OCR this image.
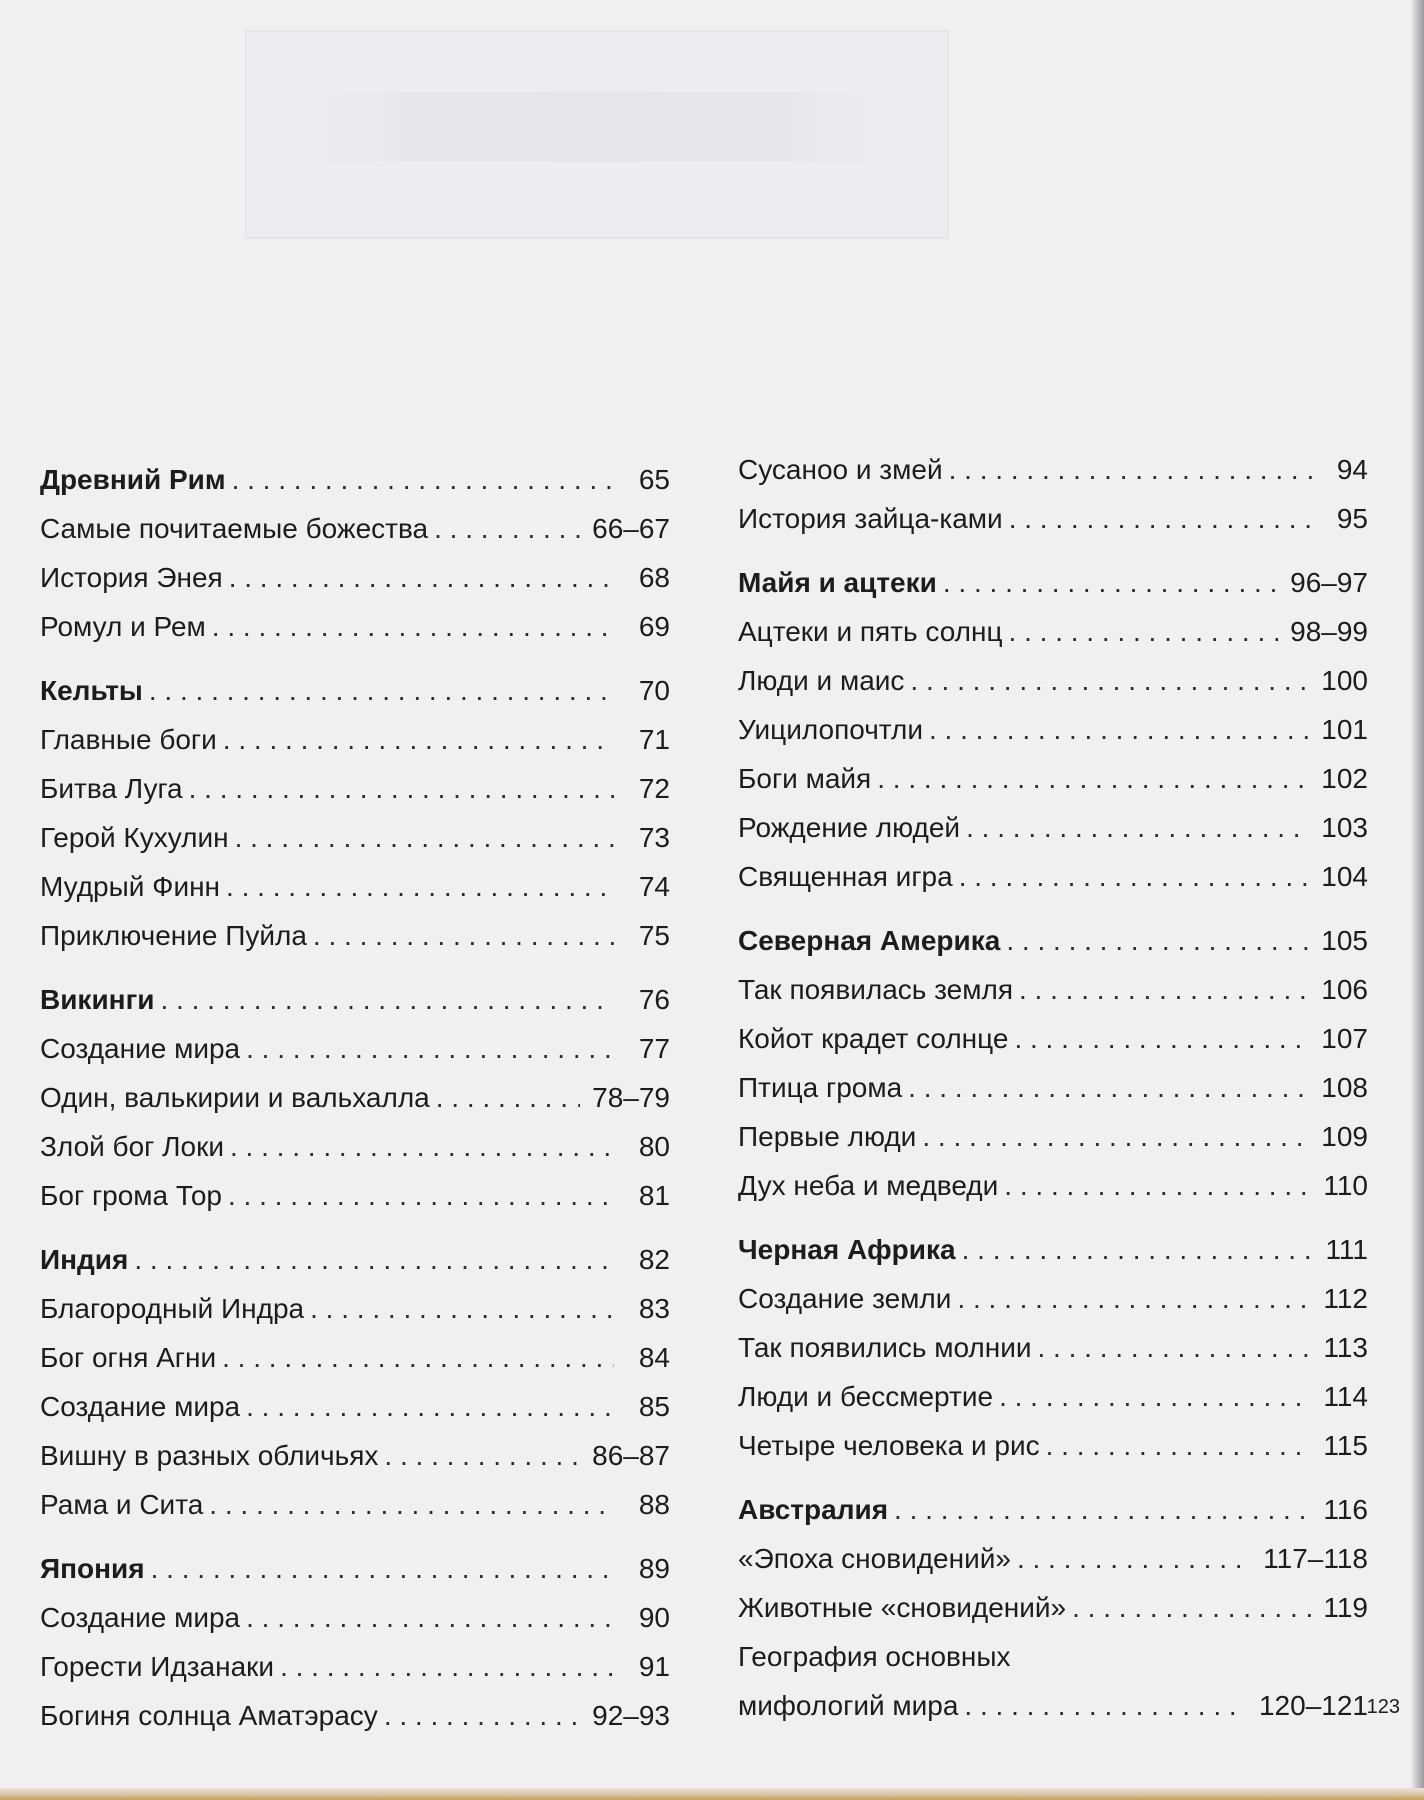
Древний Рим . . .	65
Самые почитаемые божества . . .	66–67
История Энея . . .	68
Ромул и Рем . . .	69
Кельты . . .	70
Главные боги . . .	71
Битва Луга . . .	72
Герой Кухулин . . .	73
Мудрый Финн . . .	74
Приключение Пуйла . . .	75
Викинги . . .	76
Создание мира . . .	77
Один, валькирии и вальхалла . . .	78–79
Злой бог Локи . . .	80
Бог грома Тор . . .	81
Индия . . .	82
Благородный Индра . . .	83
Бог огня Агни . . .	84
Создание мира . . .	85
Вишну в разных обличьях . . .	86–87
Рама и Сита . . .	88
Япония . . .	89
Создание мира . . .	90
Горести Идзанаки . . .	91
Богиня солнца Аматэрасу . . .	92–93
Сусаноо и змей . . .	94
История зайца-ками . . .	95
Майя и ацтеки . . .	96–97
Ацтеки и пять солнц . . .	98–99
Люди и маис . . .	100
Уицилопочтли . . .	101
Боги майя . . .	102
Рождение людей . . .	103
Священная игра . . .	104
Северная Америка . . .	105
Так появилась земля . . .	106
Койот крадет солнце . . .	107
Птица грома . . .	108
Первые люди . . .	109
Дух неба и медведи . . .	110
Черная Африка . . .	111
Создание земли . . .	112
Так появились молнии . . .	113
Люди и бессмертие . . .	114
Четыре человека и рис . . .	115
Австралия . . .	116
«Эпоха сновидений» . . .	117–118
Животные «сновидений» . . .	119
География основных
мифологий мира . . .	120–121
123
